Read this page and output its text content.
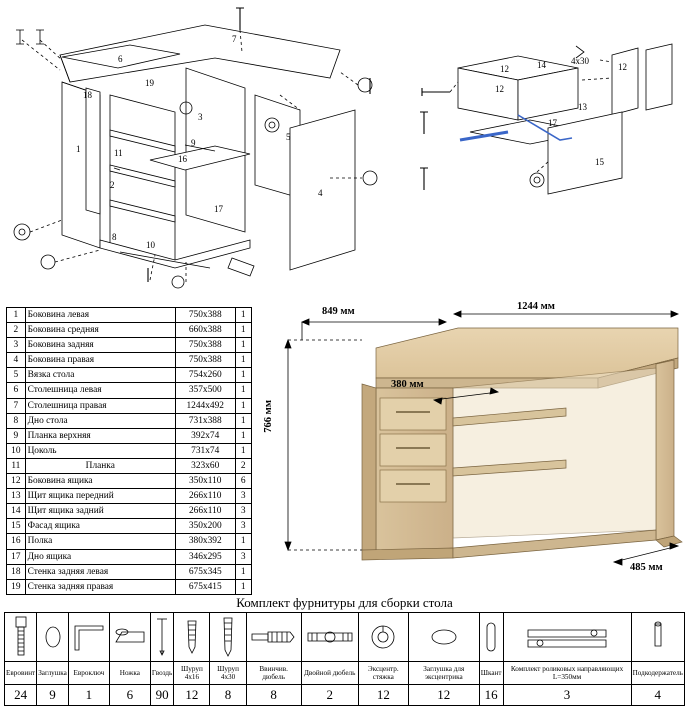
1
2
8
6
19
10
11
16
9
3
7
5
4
18
17
12	14	4х30
12
12
13
17
15
1	Боковина левая	750x388	1
2	Боковина средняя	660x388	1
3	Боковина задняя	750x388	1
4	Боковина правая	750x388	1
5	Вязка стола	754x260	1
6	Столешница левая	357x500	1
7	Столешница правая	1244x492	1
8	Дно стола	731x388	1
9	Планка верхняя	392x74	1
10	Цоколь	731x74	1
11	Планка	323x60	2
12	Боковина ящика	350x110	6
13	Щит ящика передний	266x110	3
14	Щит ящика задний	266x110	3
15	Фасад ящика	350x200	3
16	Полка	380x392	1
17	Дно ящика	346x295	3
18	Стенка задняя левая	675x345	1
19	Стенка задняя правая	675x415	1
1244 мм
849 мм
766 мм
380 мм
485 мм
Комплект фурнитуры для сборки стола

Евровинт	Заглушка	Евроключ	Ножка	Гвоздь	Шуруп 4х16	Шуруп 4х30	Ввинчив. дюбель	Двойной дюбель	Эксцентр. стяжка	Заглушка для эксцентрика	Шкант	Комплект роликовых направляющих L=350мм	Подкодержатель
24	9	1	6	90	12	8	8	2	12	12	16	3	4
